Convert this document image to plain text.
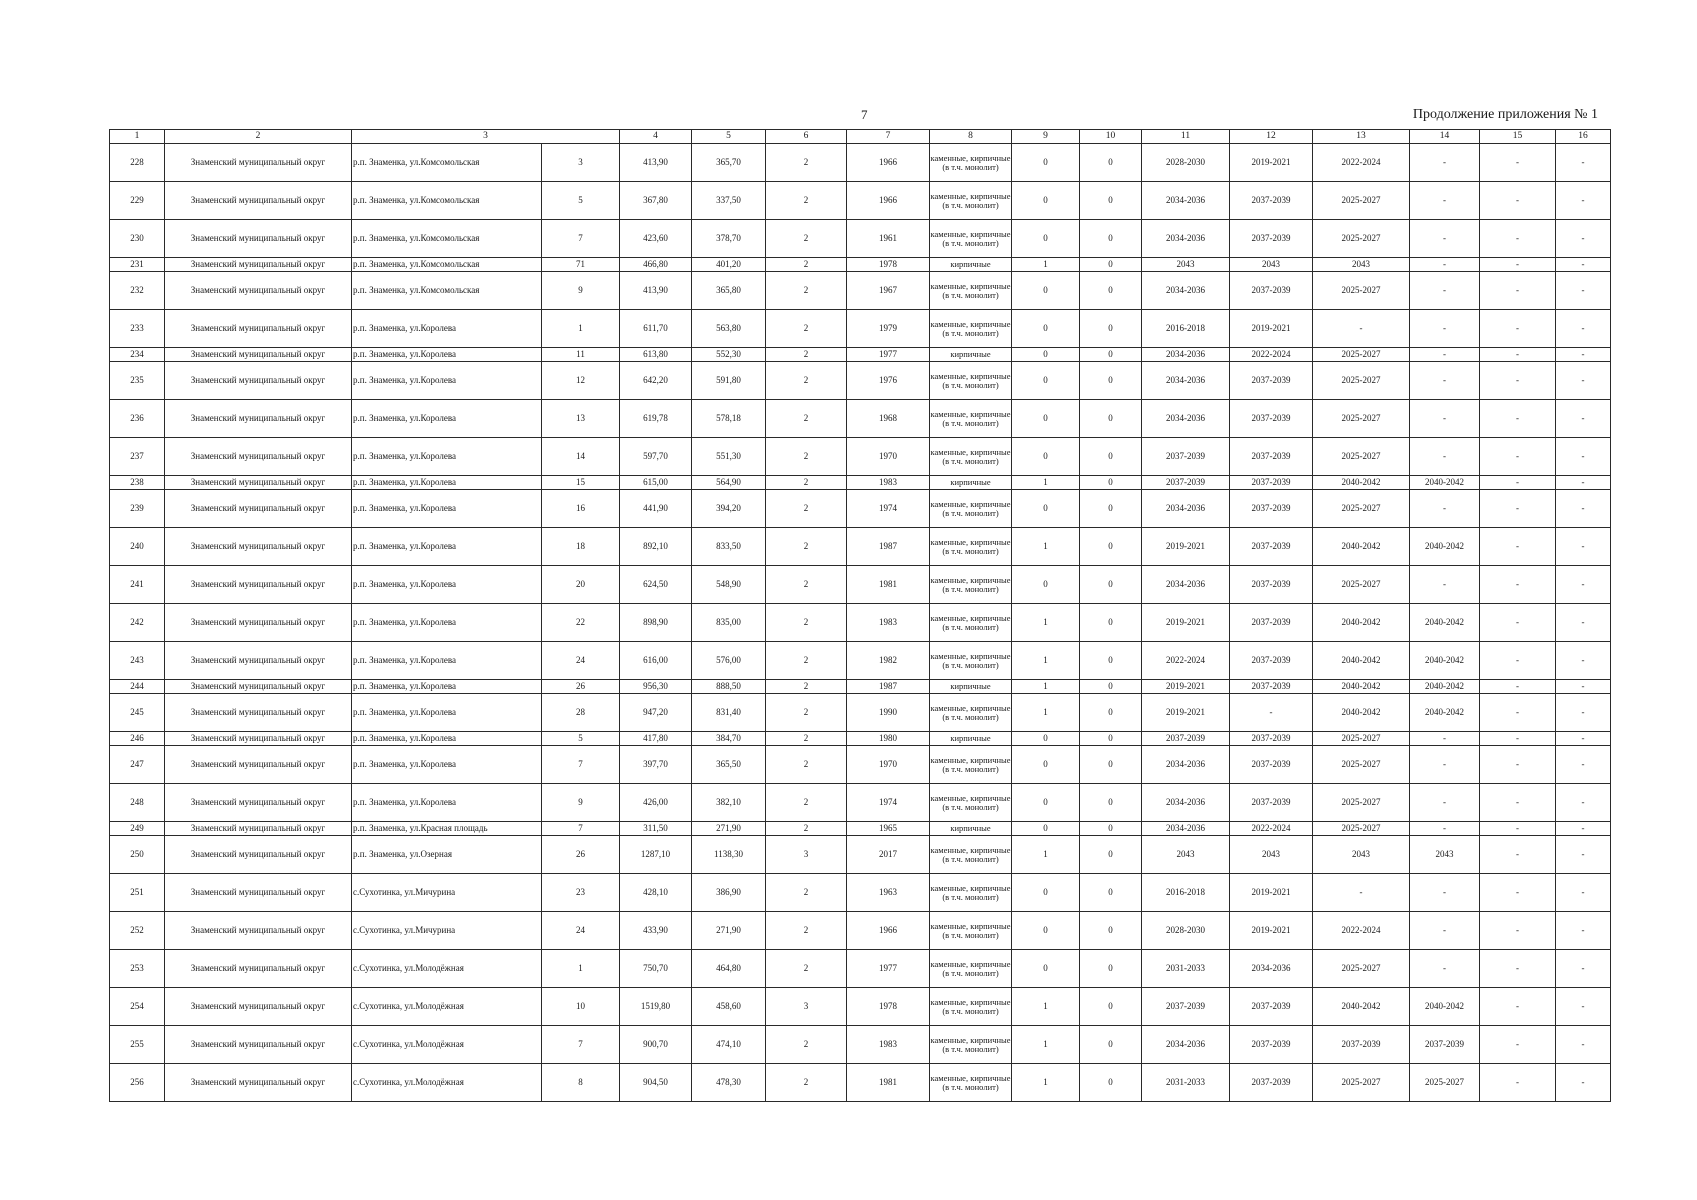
7	Продолжение приложения № 1
1	2	3		4	5	6	7	8	9	10	11	12	13	14	15	16
228	Знаменский муниципальный округ	р.п. Знаменка, ул.Комсомольская	3	413,90	365,70	2	1966	каменные, кирпичные (в т.ч. монолит)	0	0	2028-2030	2019-2021	2022-2024	-	-	-
229	Знаменский муниципальный округ	р.п. Знаменка, ул.Комсомольская	5	367,80	337,50	2	1966	каменные, кирпичные (в т.ч. монолит)	0	0	2034-2036	2037-2039	2025-2027	-	-	-
230	Знаменский муниципальный округ	р.п. Знаменка, ул.Комсомольская	7	423,60	378,70	2	1961	каменные, кирпичные (в т.ч. монолит)	0	0	2034-2036	2037-2039	2025-2027	-	-	-
231	Знаменский муниципальный округ	р.п. Знаменка, ул.Комсомольская	71	466,80	401,20	2	1978	кирпичные	1	0	2043	2043	2043	-	-	-
232	Знаменский муниципальный округ	р.п. Знаменка, ул.Комсомольская	9	413,90	365,80	2	1967	каменные, кирпичные (в т.ч. монолит)	0	0	2034-2036	2037-2039	2025-2027	-	-	-
233	Знаменский муниципальный округ	р.п. Знаменка, ул.Королева	1	611,70	563,80	2	1979	каменные, кирпичные (в т.ч. монолит)	0	0	2016-2018	2019-2021	-	-	-	-
234	Знаменский муниципальный округ	р.п. Знаменка, ул.Королева	11	613,80	552,30	2	1977	кирпичные	0	0	2034-2036	2022-2024	2025-2027	-	-	-
235	Знаменский муниципальный округ	р.п. Знаменка, ул.Королева	12	642,20	591,80	2	1976	каменные, кирпичные (в т.ч. монолит)	0	0	2034-2036	2037-2039	2025-2027	-	-	-
236	Знаменский муниципальный округ	р.п. Знаменка, ул.Королева	13	619,78	578,18	2	1968	каменные, кирпичные (в т.ч. монолит)	0	0	2034-2036	2037-2039	2025-2027	-	-	-
237	Знаменский муниципальный округ	р.п. Знаменка, ул.Королева	14	597,70	551,30	2	1970	каменные, кирпичные (в т.ч. монолит)	0	0	2037-2039	2037-2039	2025-2027	-	-	-
238	Знаменский муниципальный округ	р.п. Знаменка, ул.Королева	15	615,00	564,90	2	1983	кирпичные	1	0	2037-2039	2037-2039	2040-2042	2040-2042	-	-
239	Знаменский муниципальный округ	р.п. Знаменка, ул.Королева	16	441,90	394,20	2	1974	каменные, кирпичные (в т.ч. монолит)	0	0	2034-2036	2037-2039	2025-2027	-	-	-
240	Знаменский муниципальный округ	р.п. Знаменка, ул.Королева	18	892,10	833,50	2	1987	каменные, кирпичные (в т.ч. монолит)	1	0	2019-2021	2037-2039	2040-2042	2040-2042	-	-
241	Знаменский муниципальный округ	р.п. Знаменка, ул.Королева	20	624,50	548,90	2	1981	каменные, кирпичные (в т.ч. монолит)	0	0	2034-2036	2037-2039	2025-2027	-	-	-
242	Знаменский муниципальный округ	р.п. Знаменка, ул.Королева	22	898,90	835,00	2	1983	каменные, кирпичные (в т.ч. монолит)	1	0	2019-2021	2037-2039	2040-2042	2040-2042	-	-
243	Знаменский муниципальный округ	р.п. Знаменка, ул.Королева	24	616,00	576,00	2	1982	каменные, кирпичные (в т.ч. монолит)	1	0	2022-2024	2037-2039	2040-2042	2040-2042	-	-
244	Знаменский муниципальный округ	р.п. Знаменка, ул.Королева	26	956,30	888,50	2	1987	кирпичные	1	0	2019-2021	2037-2039	2040-2042	2040-2042	-	-
245	Знаменский муниципальный округ	р.п. Знаменка, ул.Королева	28	947,20	831,40	2	1990	каменные, кирпичные (в т.ч. монолит)	1	0	2019-2021	-	2040-2042	2040-2042	-	-
246	Знаменский муниципальный округ	р.п. Знаменка, ул.Королева	5	417,80	384,70	2	1980	кирпичные	0	0	2037-2039	2037-2039	2025-2027	-	-	-
247	Знаменский муниципальный округ	р.п. Знаменка, ул.Королева	7	397,70	365,50	2	1970	каменные, кирпичные (в т.ч. монолит)	0	0	2034-2036	2037-2039	2025-2027	-	-	-
248	Знаменский муниципальный округ	р.п. Знаменка, ул.Королева	9	426,00	382,10	2	1974	каменные, кирпичные (в т.ч. монолит)	0	0	2034-2036	2037-2039	2025-2027	-	-	-
249	Знаменский муниципальный округ	р.п. Знаменка, ул.Красная площадь	7	311,50	271,90	2	1965	кирпичные	0	0	2034-2036	2022-2024	2025-2027	-	-	-
250	Знаменский муниципальный округ	р.п. Знаменка, ул.Озерная	26	1287,10	1138,30	3	2017	каменные, кирпичные (в т.ч. монолит)	1	0	2043	2043	2043	2043	-	-
251	Знаменский муниципальный округ	с.Сухотинка, ул.Мичурина	23	428,10	386,90	2	1963	каменные, кирпичные (в т.ч. монолит)	0	0	2016-2018	2019-2021	-	-	-	-
252	Знаменский муниципальный округ	с.Сухотинка, ул.Мичурина	24	433,90	271,90	2	1966	каменные, кирпичные (в т.ч. монолит)	0	0	2028-2030	2019-2021	2022-2024	-	-	-
253	Знаменский муниципальный округ	с.Сухотинка, ул.Молодёжная	1	750,70	464,80	2	1977	каменные, кирпичные (в т.ч. монолит)	0	0	2031-2033	2034-2036	2025-2027	-	-	-
254	Знаменский муниципальный округ	с.Сухотинка, ул.Молодёжная	10	1519,80	458,60	3	1978	каменные, кирпичные (в т.ч. монолит)	1	0	2037-2039	2037-2039	2040-2042	2040-2042	-	-
255	Знаменский муниципальный округ	с.Сухотинка, ул.Молодёжная	7	900,70	474,10	2	1983	каменные, кирпичные (в т.ч. монолит)	1	0	2034-2036	2037-2039	2037-2039	2037-2039	-	-
256	Знаменский муниципальный округ	с.Сухотинка, ул.Молодёжная	8	904,50	478,30	2	1981	каменные, кирпичные (в т.ч. монолит)	1	0	2031-2033	2037-2039	2025-2027	2025-2027	-	-
